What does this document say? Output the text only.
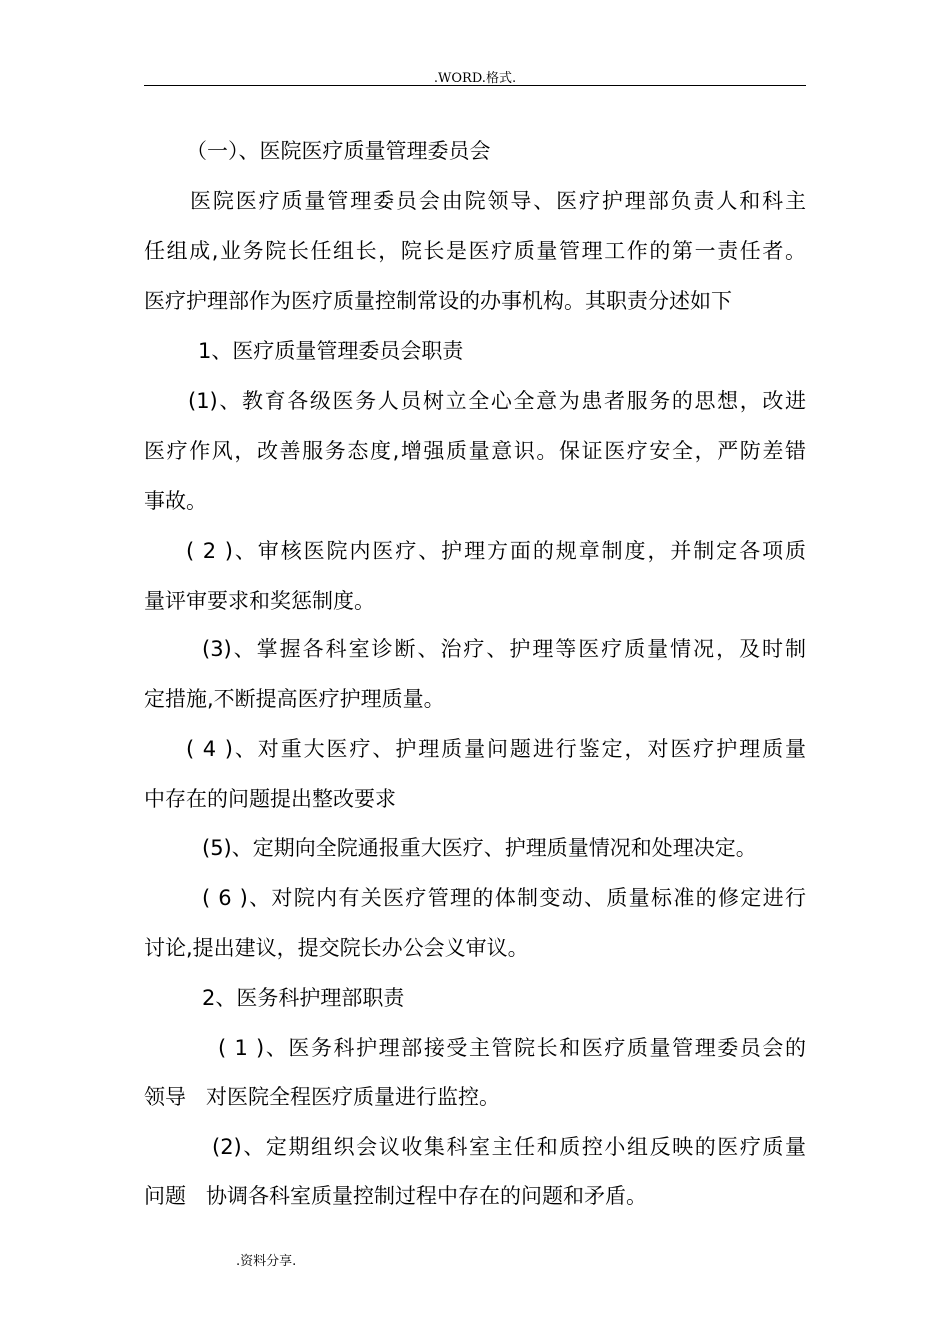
.WORD.格式.
（一）、医院医疗质量管理委员会
医院医疗质量管理委员会由院领导、医疗护理部负责人和科主
任组成,业务院长任组长，院长是医疗质量管理工作的第一责任者。
医疗护理部作为医疗质量控制常设的办事机构。其职责分述如下
1、医疗质量管理委员会职责
(1)、教育各级医务人员树立全心全意为患者服务的思想，改进
医疗作风，改善服务态度,增强质量意识。保证医疗安全，严防差错
事故。
( 2 )、审核医院内医疗、护理方面的规章制度，并制定各项质
量评审要求和奖惩制度。
(3)、掌握各科室诊断、治疗、护理等医疗质量情况，及时制
定措施,不断提高医疗护理质量。
( 4 )、对重大医疗、护理质量问题进行鉴定，对医疗护理质量
中存在的问题提出整改要求
(5)、定期向全院通报重大医疗、护理质量情况和处理决定。
( 6 )、对院内有关医疗管理的体制变动、质量标准的修定进行
讨论,提出建议，提交院长办公会义审议。
2、医务科护理部职责
( 1 )、医务科护理部接受主管院长和医疗质量管理委员会的
领导   对医院全程医疗质量进行监控。
(2)、定期组织会议收集科室主任和质控小组反映的医疗质量
问题   协调各科室质量控制过程中存在的问题和矛盾。
.资料分享.
